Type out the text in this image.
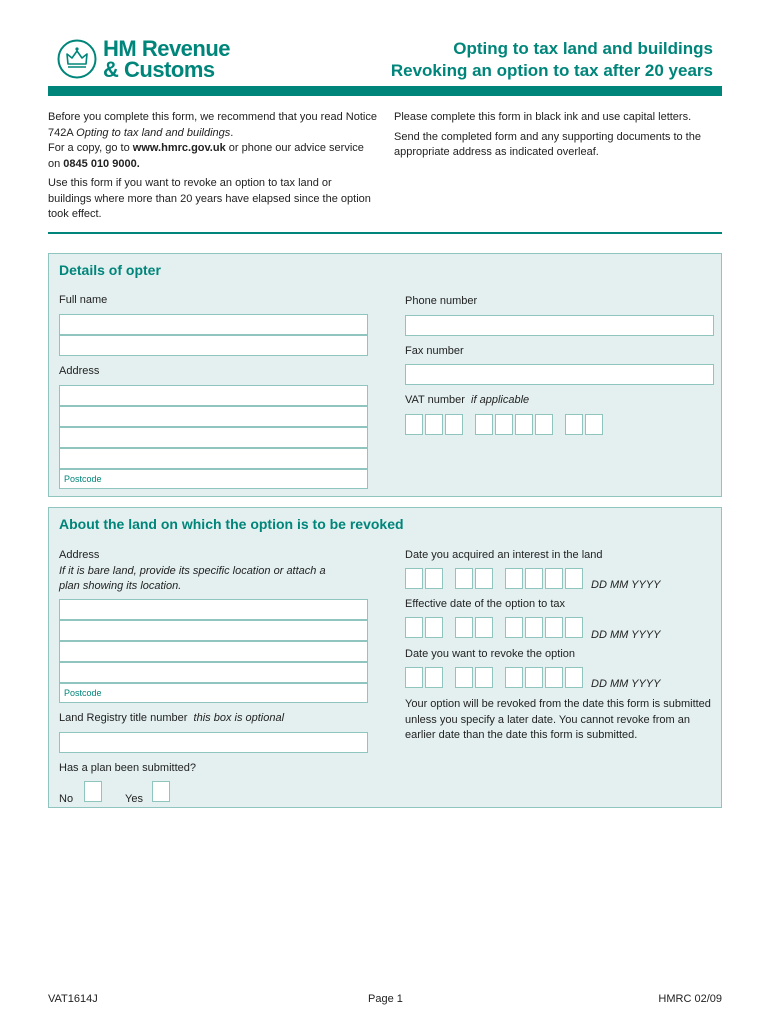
HM Revenue
& Customs
Opting to tax land and buildings
Revoking an option to tax after 20 years

Before you complete this form, we recommend that you read Notice 742A Opting to tax land and buildings.
For a copy, go to www.hmrc.gov.uk or phone our advice service on 0845 010 9000.

Use this form if you want to revoke an option to tax land or buildings where more than 20 years have elapsed since the option took effect.

Please complete this form in black ink and use capital letters.

Send the completed form and any supporting documents to the appropriate address as indicated overleaf.

Details of opter
Full name
Address
Postcode
Phone number
Fax number
VAT number if applicable
About the land on which the option is to be revoked
Address
If it is bare land, provide its specific location or attach a plan showing its location.
Postcode
Land Registry title number this box is optional
Has a plan been submitted?
No	Yes
Date you acquired an interest in the land
DD MM YYYY
Effective date of the option to tax
DD MM YYYY
Date you want to revoke the option
DD MM YYYY
Your option will be revoked from the date this form is submitted unless you specify a later date. You cannot revoke from an earlier date than the date this form is submitted.
VAT1614J	Page 1	HMRC 02/09
